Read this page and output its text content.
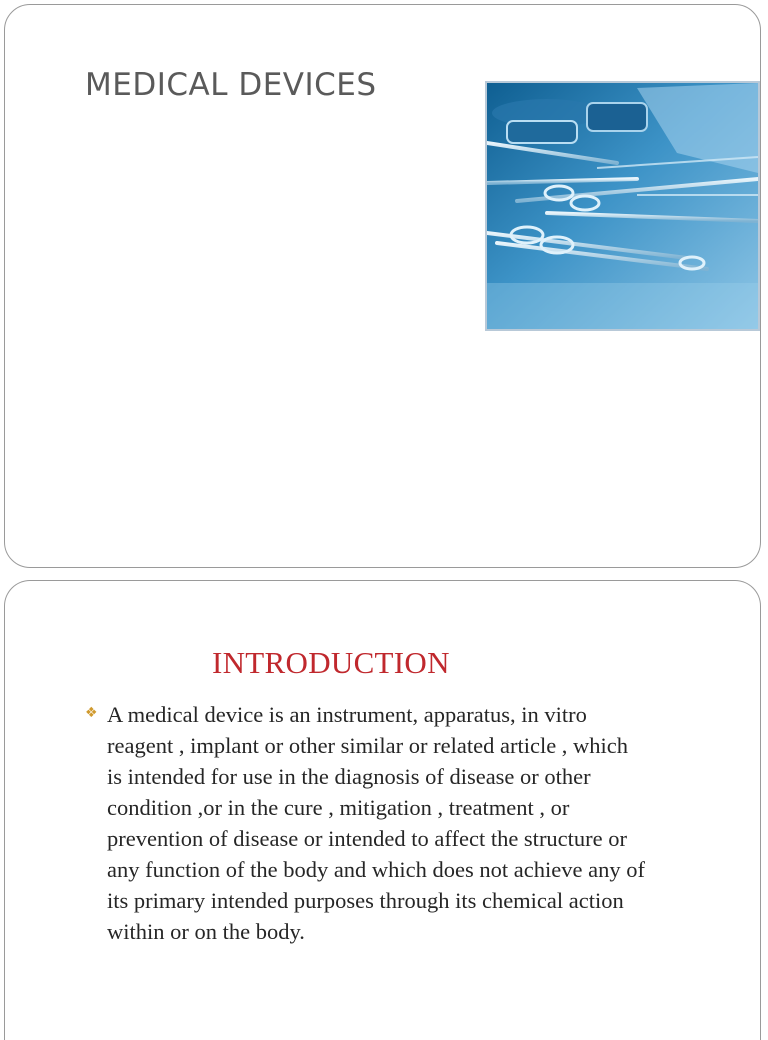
MEDICAL DEVICES
INTRODUCTION
❖ A medical device is an instrument, apparatus, in vitro
reagent , implant or other similar or related article , which
is intended for use in the diagnosis of disease or other
condition ,or in the cure , mitigation , treatment , or
prevention of disease or intended to affect the structure or
any function of the body and which does not achieve any of
its primary intended purposes through its chemical action
within or on the body.
